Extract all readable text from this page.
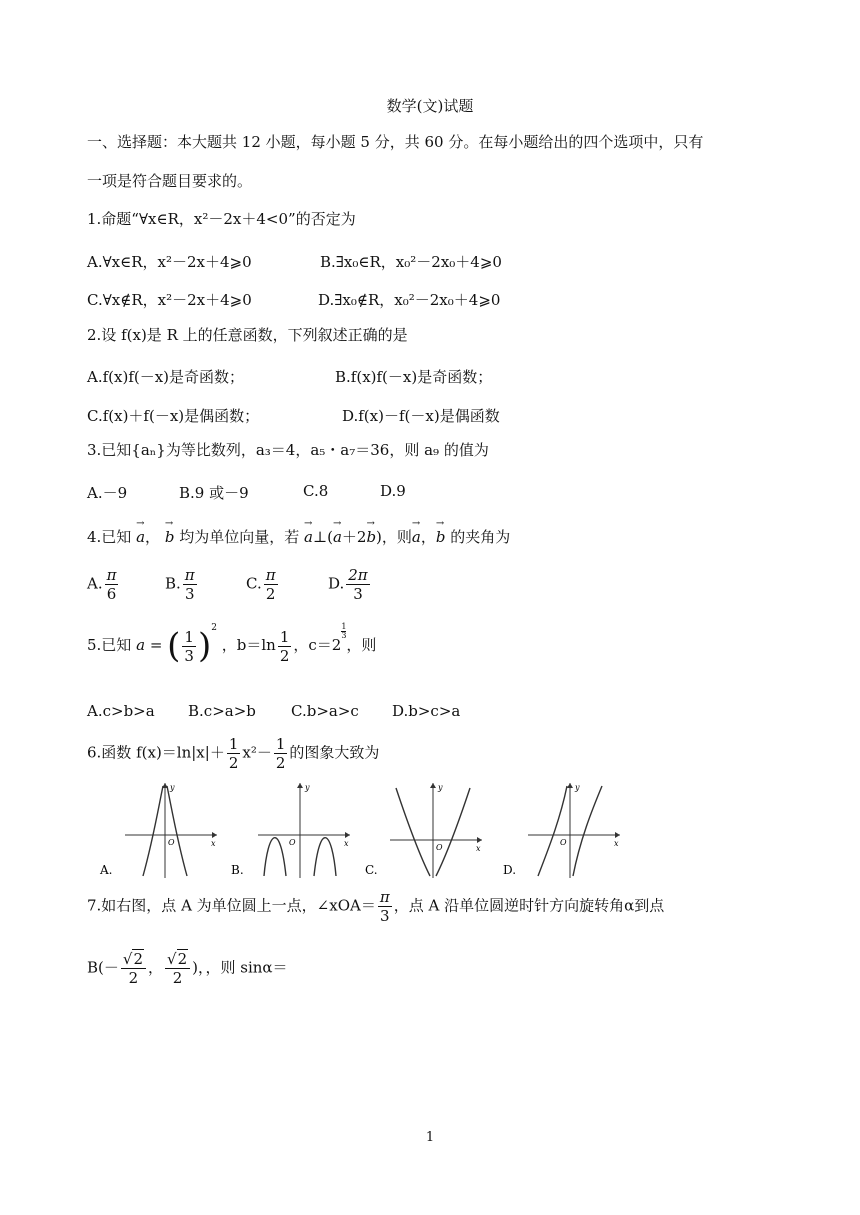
数学(文)试题
一、选择题：本大题共 12 小题，每小题 5 分，共 60 分。在每小题给出的四个选项中，只有
一项是符合题目要求的。
1.命题“∀x∈R，x²－2x＋4<0”的否定为
A.∀x∈R，x²－2x＋4⩾0	B.∃x₀∈R，x₀²－2x₀＋4⩾0
C.∀x∉R，x²－2x＋4⩾0	D.∃x₀∉R，x₀²－2x₀＋4⩾0
2.设 f(x)是 R 上的任意函数，下列叙述正确的是
A.f(x)f(－x)是奇函数；	B.f(x)f(－x)是奇函数；
C.f(x)＋f(－x)是偶函数；	D.f(x)－f(－x)是偶函数
3.已知{aₙ}为等比数列，a₃＝4，a₅・a₇＝36，则 a₉ 的值为
A.－9	B.9 或－9	C.8	D.9
4.已知 → a， → b 均为单位向量，若 → a⊥(→ a＋2→ b)，则→ a，→ b 的夹角为
A. $\frac{\pi}{6}$	B. $\frac{\pi}{3}$	C. $\frac{\pi}{2}$	D. $\frac{2\pi}{3}$
5.已知 a = ( $\frac{1}{3} )^2$ ，$b=\ln \frac{1}{2}$ ，c＝2
$\frac{1}{3}$
，则
A.c>b>a B.c>a>b C.b>a>c D.b>c>a
6.函数 $f(x)=\ln|x|+ \frac{1}{2} x^2- \frac{1}{2}$ 的图象大致为
y
x
O
A.
y
x
O
B.
y
x
O
C.
y
x
O
D.
7.如右图，点 A 为单位圆上一点，∠xOA＝ $\frac{\pi}{3}$ ，点 A 沿单位圆逆时针方向旋转角α到点
$B(- \frac{√2}{2}$ ， $\frac{√2}{2}$ )，，则 sinα＝
1
